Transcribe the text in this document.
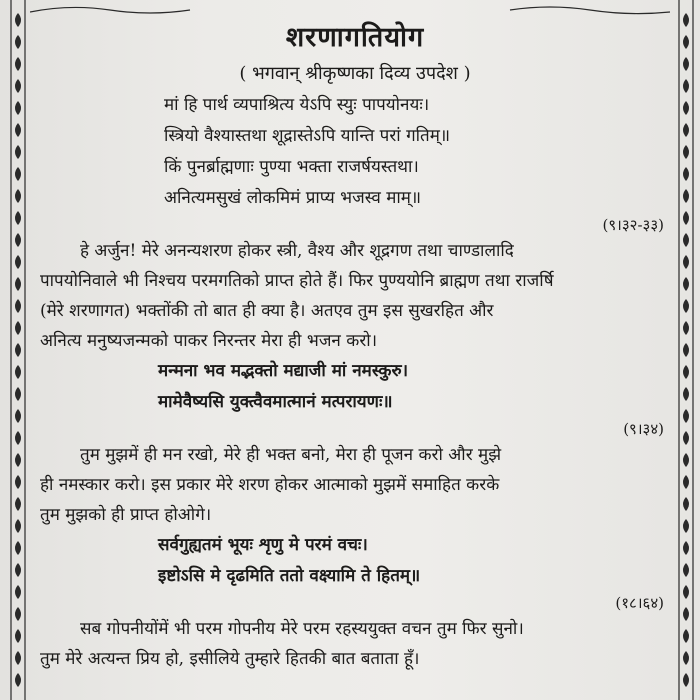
शरणागतियोग
( भगवान् श्रीकृष्णका दिव्य उपदेश )
मां हि पार्थ व्यपाश्रित्य येऽपि स्युः पापयोनयः।
स्त्रियो वैश्यास्तथा शूद्रास्तेऽपि यान्ति परां गतिम्॥
किं पुनर्ब्राह्मणाः पुण्या भक्ता राजर्षयस्तथा।
अनित्यमसुखं लोकमिमं प्राप्य भजस्व माम्॥
(९।३२-३३)
हे अर्जुन! मेरे अनन्यशरण होकर स्त्री, वैश्य और शूद्रगण तथा चाण्डालादि
पापयोनिवाले भी निश्चय परमगतिको प्राप्त होते हैं। फिर पुण्ययोनि ब्राह्मण तथा राजर्षि
(मेरे शरणागत) भक्तोंकी तो बात ही क्या है। अतएव तुम इस सुखरहित और
अनित्य मनुष्यजन्मको पाकर निरन्तर मेरा ही भजन करो।
मन्मना भव मद्भक्तो मद्याजी मां नमस्कुरु।
मामेवैष्यसि युक्त्वैवमात्मानं मत्परायणः॥
(९।३४)
तुम मुझमें ही मन रखो, मेरे ही भक्त बनो, मेरा ही पूजन करो और मुझे
ही नमस्कार करो। इस प्रकार मेरे शरण होकर आत्माको मुझमें समाहित करके
तुम मुझको ही प्राप्त होओगे।
सर्वगुह्यतमं भूयः शृणु मे परमं वचः।
इष्टोऽसि मे दृढमिति ततो वक्ष्यामि ते हितम्॥
(१८।६४)
सब गोपनीयोंमें भी परम गोपनीय मेरे परम रहस्ययुक्त वचन तुम फिर सुनो।
तुम मेरे अत्यन्त प्रिय हो, इसीलिये तुम्हारे हितकी बात बताता हूँ।
